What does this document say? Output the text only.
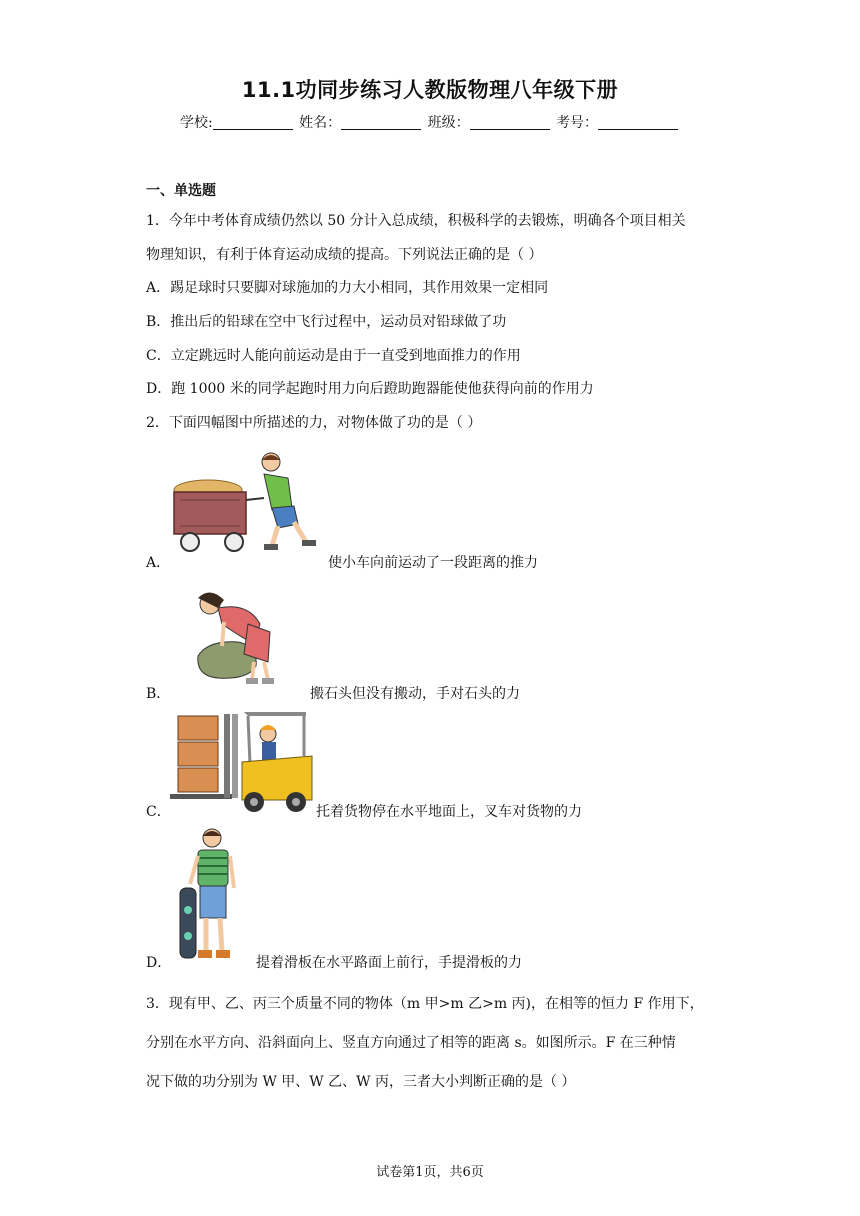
11.1功同步练习人教版物理八年级下册
学校:	姓名：	班级：	考号：
一、单选题
1．今年中考体育成绩仍然以 50 分计入总成绩，积极科学的去锻炼，明确各个项目相关
物理知识，有利于体育运动成绩的提高。下列说法正确的是（ ）
A．踢足球时只要脚对球施加的力大小相同，其作用效果一定相同
B．推出后的铅球在空中飞行过程中，运动员对铅球做了功
C．立定跳远时人能向前运动是由于一直受到地面推力的作用
D．跑 1000 米的同学起跑时用力向后蹬助跑器能使他获得向前的作用力
2．下面四幅图中所描述的力，对物体做了功的是（ ）
A．	使小车向前运动了一段距离的推力
B．	搬石头但没有搬动，手对石头的力
C．	托着货物停在水平地面上，叉车对货物的力
D．	提着滑板在水平路面上前行，手提滑板的力
3．现有甲、乙、丙三个质量不同的物体（m 甲>m 乙>m 丙)，在相等的恒力 F 作用下，
分别在水平方向、沿斜面向上、竖直方向通过了相等的距离 s。如图所示。F 在三种情
况下做的功分别为 W 甲、W 乙、W 丙，三者大小判断正确的是（ ）
试卷第1页，共6页
